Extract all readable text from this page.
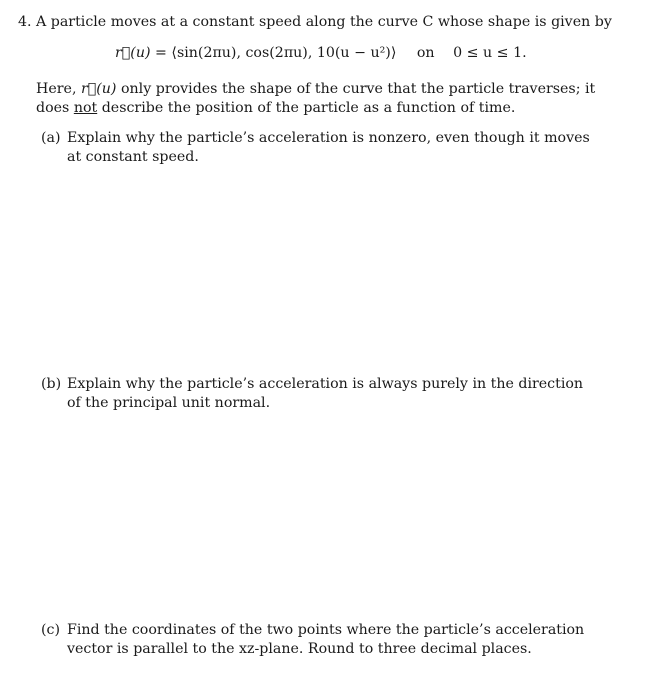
4. A particle moves at a constant speed along the curve C whose shape is given by
r⃗(u) = ⟨sin(2πu), cos(2πu), 10(u − u²)⟩ on 0 ≤ u ≤ 1.
Here, r⃗(u) only provides the shape of the curve that the particle traverses; it does not describe the position of the particle as a function of time.
(a) Explain why the particle’s acceleration is nonzero, even though it moves at constant speed.
(b) Explain why the particle’s acceleration is always purely in the direction of the principal unit normal.
(c) Find the coordinates of the two points where the particle’s acceleration vector is parallel to the xz-plane. Round to three decimal places.
